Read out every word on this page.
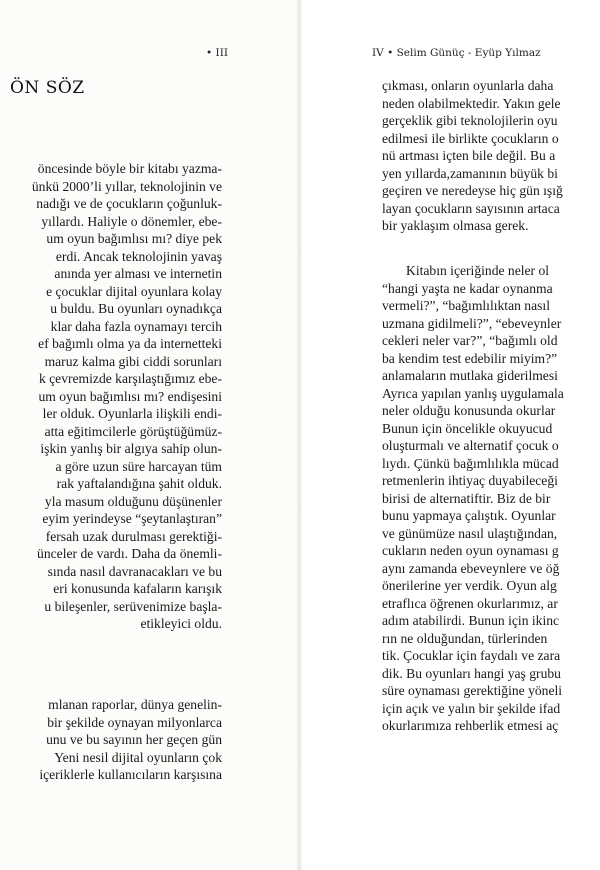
• III
ÖN SÖZ
öncesinde böyle bir kitabı yazma-
ünkü 2000’li yıllar, teknolojinin ve
nadığı ve de çocukların çoğunluk-
yıllardı. Haliyle o dönemler, ebe-
um oyun bağımlısı mı? diye pek
erdi. Ancak teknolojinin yavaş
anında yer alması ve internetin
e çocuklar dijital oyunlara kolay
u buldu. Bu oyunları oynadıkça
klar daha fazla oynamayı tercih
ef bağımlı olma ya da internetteki
maruz kalma gibi ciddi sorunları
k çevremizde karşılaştığımız ebe-
um oyun bağımlısı mı? endişesini
ler olduk. Oyunlarla ilişkili endi-
atta eğitimcilerle görüştüğümüz-
işkin yanlış bir algıya sahip olun-
a göre uzun süre harcayan tüm
rak yaftalandığına şahit olduk.
yla masum olduğunu düşünenler
eyim yerindeyse “şeytanlaştıran”
fersah uzak durulması gerektiği-
ünceler de vardı. Daha da önemli-
sında nasıl davranacakları ve bu
eri konusunda kafaların karışık
u bileşenler, serüvenimize başla-
etikleyici oldu.
mlanan raporlar, dünya genelin-
bir şekilde oynayan milyonlarca
unu ve bu sayının her geçen gün
Yeni nesil dijital oyunların çok
içeriklerle kullanıcıların karşısına
IV • Selim Günüç - Eyüp Yılmaz
çıkması, onların oyunlarla daha
neden olabilmektedir. Yakın gele
gerçeklik gibi teknolojilerin oyu
edilmesi ile birlikte çocukların o
nü artması içten bile değil. Bu a
yen yıllarda,zamanının büyük bi
geçiren ve neredeyse hiç gün ışığ
layan çocukların sayısının artaca
bir yaklaşım olmasa gerek.
Kitabın içeriğinde neler ol
“hangi yaşta ne kadar oynanma
vermeli?”, “bağımlılıktan nasıl
uzmana gidilmeli?”, “ebeveynler
cekleri neler var?”, “bağımlı old
ba kendim test edebilir miyim?”
anlamaların mutlaka giderilmesi
Ayrıca yapılan yanlış uygulamala
neler olduğu konusunda okurlar
Bunun için öncelikle okuyucud
oluşturmalı ve alternatif çocuk o
lıydı. Çünkü bağımlılıkla mücad
retmenlerin ihtiyaç duyabileceği
birisi de alternatiftir. Biz de bir
bunu yapmaya çalıştık. Oyunlar
ve günümüze nasıl ulaştığından,
cukların neden oyun oynaması g
aynı zamanda ebeveynlere ve öğ
önerilerine yer verdik. Oyun alg
etraflıca öğrenen okurlarımız, ar
adım atabilirdi. Bunun için ikinc
rın ne olduğundan, türlerinden
tik. Çocuklar için faydalı ve zara
dik. Bu oyunları hangi yaş grubu
süre oynaması gerektiğine yöneli
için açık ve yalın bir şekilde ifad
okurlarımıza rehberlik etmesi aç
